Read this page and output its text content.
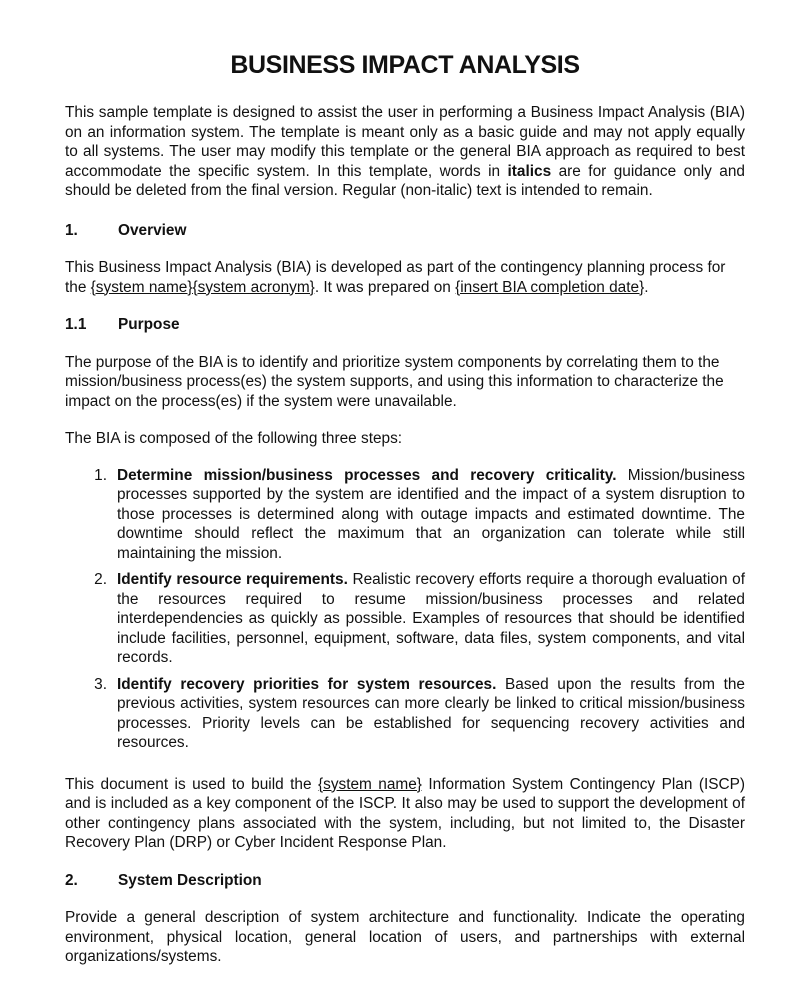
BUSINESS IMPACT ANALYSIS

This sample template is designed to assist the user in performing a Business Impact Analysis (BIA) on an information system. The template is meant only as a basic guide and may not apply equally to all systems. The user may modify this template or the general BIA approach as required to best accommodate the specific system. In this template, words in italics are for guidance only and should be deleted from the final version. Regular (non-italic) text is intended to remain.

1.	Overview

This Business Impact Analysis (BIA) is developed as part of the contingency planning process for the {system name}{system acronym}. It was prepared on {insert BIA completion date}.

1.1	Purpose

The purpose of the BIA is to identify and prioritize system components by correlating them to the mission/business process(es) the system supports, and using this information to characterize the impact on the process(es) if the system were unavailable.

The BIA is composed of the following three steps:

1. Determine mission/business processes and recovery criticality. Mission/business processes supported by the system are identified and the impact of a system disruption to those processes is determined along with outage impacts and estimated downtime. The downtime should reflect the maximum that an organization can tolerate while still maintaining the mission.
2. Identify resource requirements. Realistic recovery efforts require a thorough evaluation of the resources required to resume mission/business processes and related interdependencies as quickly as possible. Examples of resources that should be identified include facilities, personnel, equipment, software, data files, system components, and vital records.
3. Identify recovery priorities for system resources. Based upon the results from the previous activities, system resources can more clearly be linked to critical mission/business processes. Priority levels can be established for sequencing recovery activities and resources.

This document is used to build the {system name} Information System Contingency Plan (ISCP) and is included as a key component of the ISCP. It also may be used to support the development of other contingency plans associated with the system, including, but not limited to, the Disaster Recovery Plan (DRP) or Cyber Incident Response Plan.

2.	System Description

Provide a general description of system architecture and functionality. Indicate the operating environment, physical location, general location of users, and partnerships with external organizations/systems.
